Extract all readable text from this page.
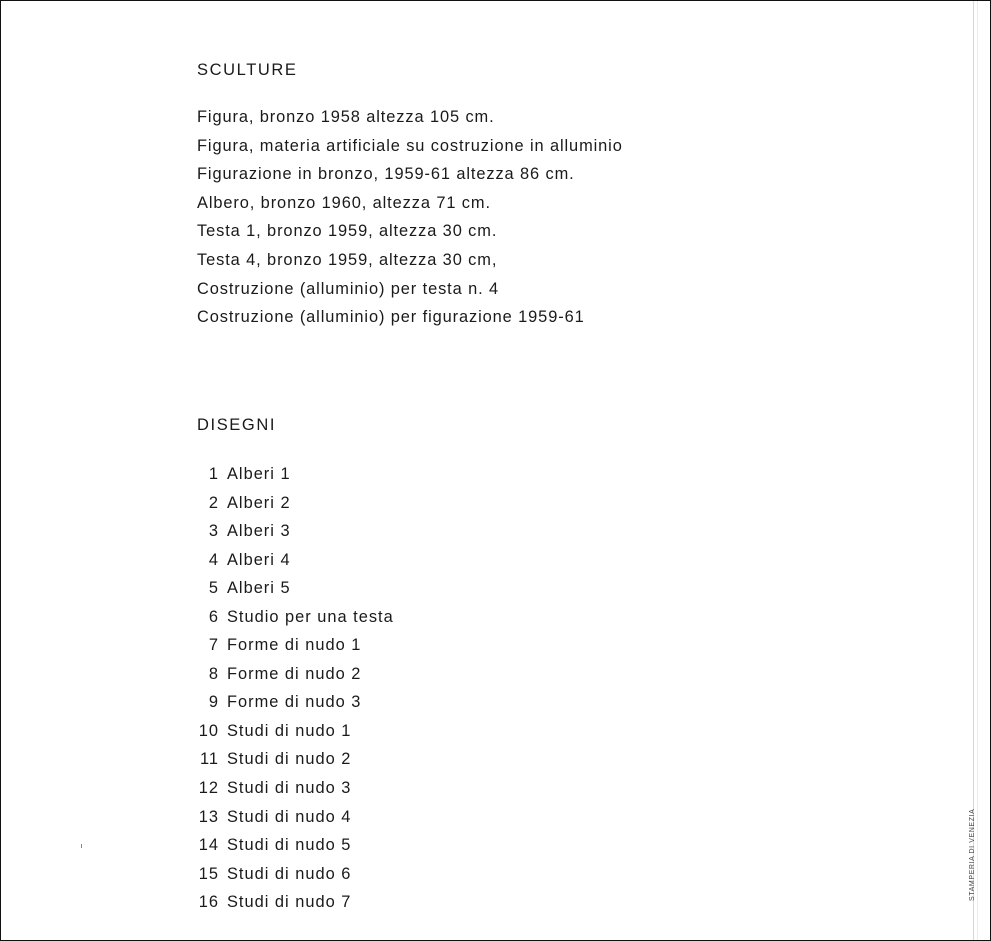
SCULTURE
Figura, bronzo 1958 altezza 105 cm.
Figura, materia artificiale su costruzione in alluminio
Figurazione in bronzo, 1959-61 altezza 86 cm.
Albero, bronzo 1960, altezza 71 cm.
Testa 1, bronzo 1959, altezza 30 cm.
Testa 4, bronzo 1959, altezza 30 cm,
Costruzione (alluminio) per testa n. 4
Costruzione (alluminio) per figurazione 1959-61
DISEGNI
1 Alberi 1
2 Alberi 2
3 Alberi 3
4 Alberi 4
5 Alberi 5
6 Studio per una testa
7 Forme di nudo 1
8 Forme di nudo 2
9 Forme di nudo 3
10 Studi di nudo 1
11 Studi di nudo 2
12 Studi di nudo 3
13 Studi di nudo 4
14 Studi di nudo 5
15 Studi di nudo 6
16 Studi di nudo 7
STAMPERIA DI VENEZIA
